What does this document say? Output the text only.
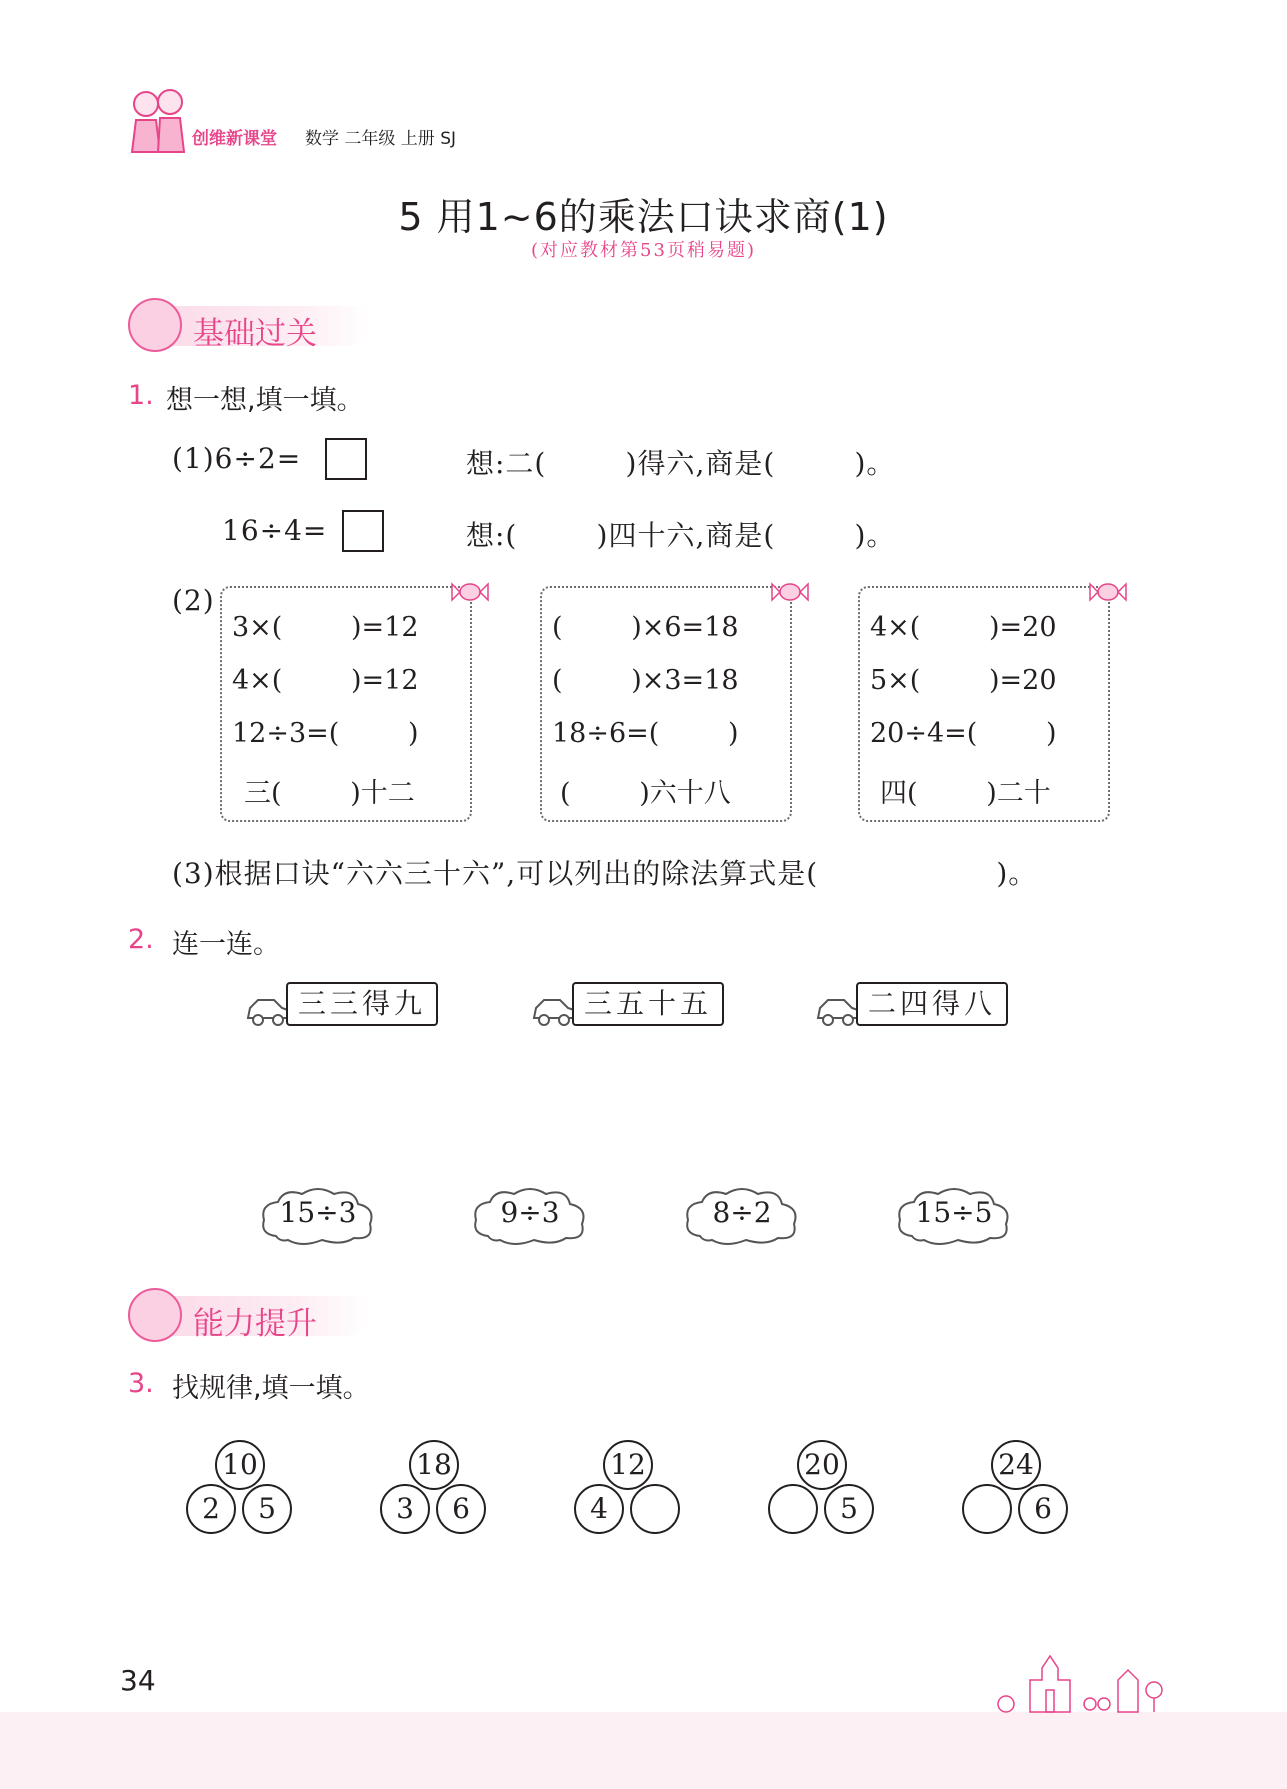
创维新课堂 数学 二年级 上册 SJ
5 用1~6的乘法口诀求商(1)
(对应教材第53页稍易题)
基础过关
1. 想一想,填一填。
(1)6÷2=	想:二(        )得六,商是(        )。
16÷4=	想:(        )四十六,商是(        )。
(2)
3×(        )=12
4×(        )=12
12÷3=(        )
三(        )十二
(        )×6=18
(        )×3=18
18÷6=(        )
(        )六十八
4×(        )=20
5×(        )=20
20÷4=(        )
四(        )二十
(3)根据口诀“六六三十六”,可以列出的除法算式是(                  )。
2. 连一连。
三三得九	三五十五	二四得八
15÷3	9÷3	8÷2	15÷5
能力提升
3. 找规律,填一填。
10
2	5
18
3	6
12
4
20
5
24
6
34
